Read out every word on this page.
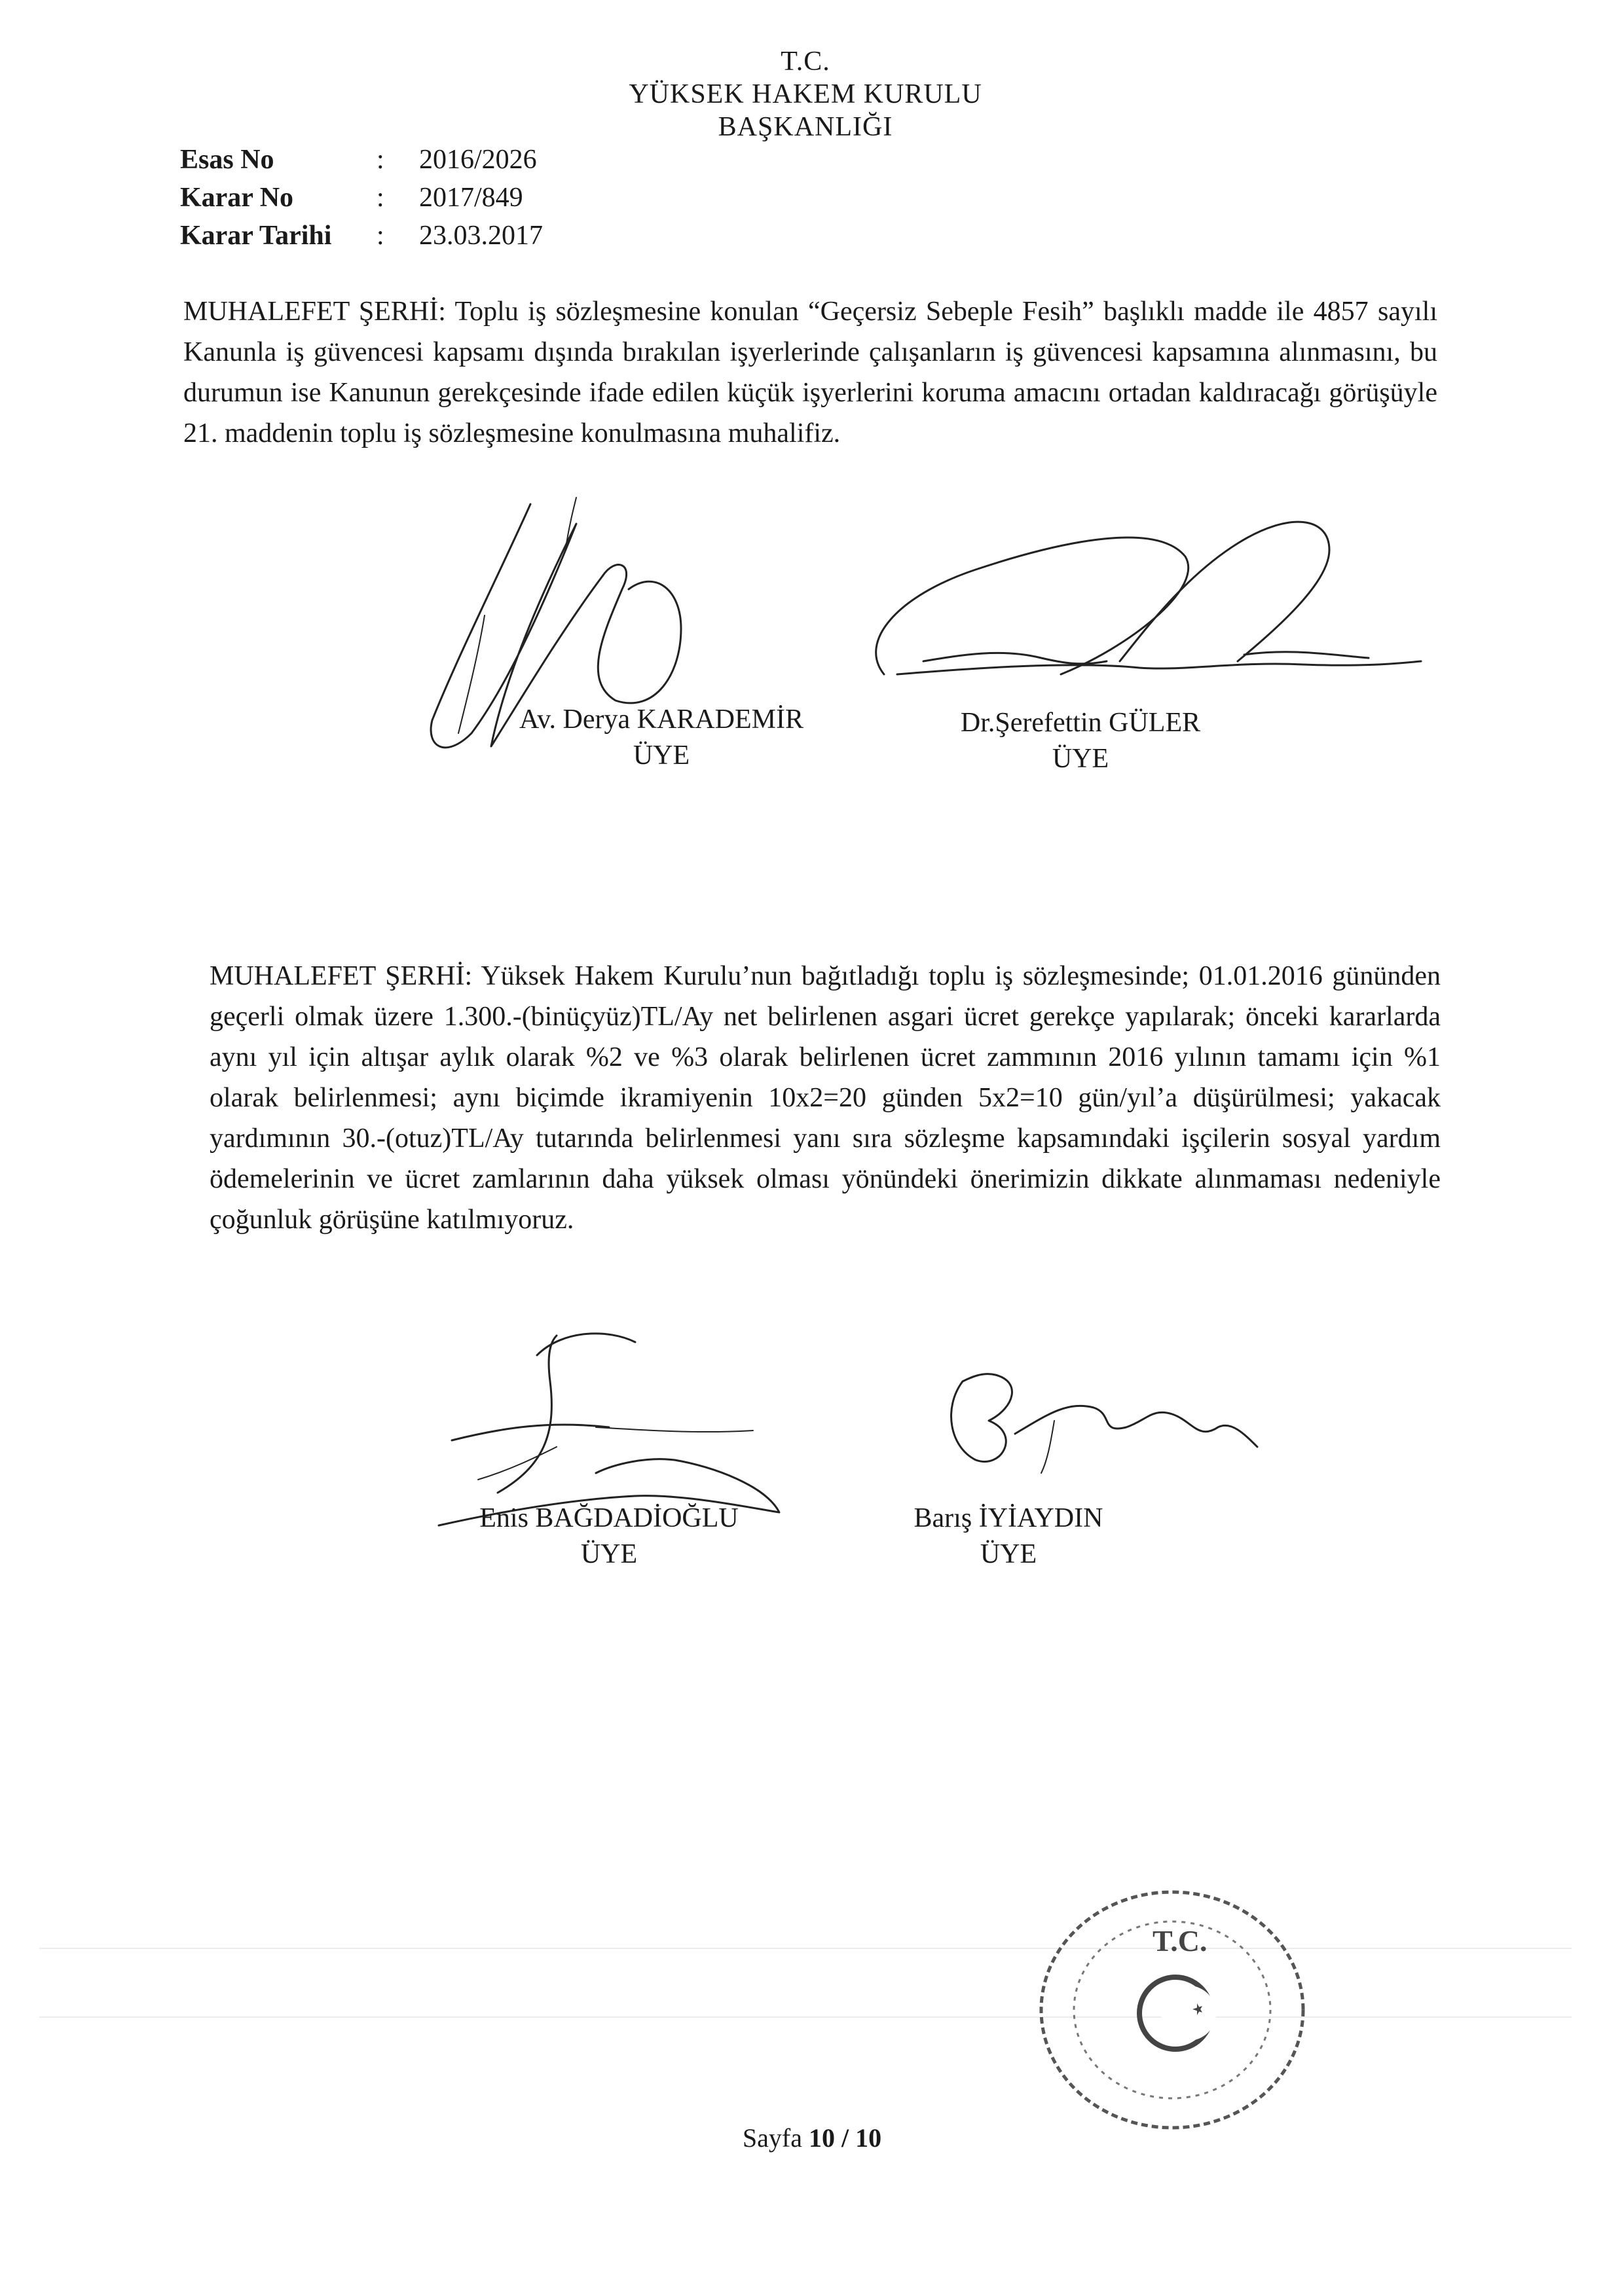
T.C.
YÜKSEK HAKEM KURULU
BAŞKANLIĞI
Esas No	: 2016/2026
Karar No	: 2017/849
Karar Tarihi : 23.03.2017
MUHALEFET ŞERHİ: Toplu iş sözleşmesine konulan “Geçersiz Sebeple Fesih” başlıklı madde ile 4857 sayılı Kanunla iş güvencesi kapsamı dışında bırakılan işyerlerinde çalışanların iş güvencesi kapsamına alınmasını, bu durumun ise Kanunun gerekçesinde ifade edilen küçük işyerlerini koruma amacını ortadan kaldıracağı görüşüyle 21. maddenin toplu iş sözleşmesine konulmasına muhalifiz.
Av. Derya KARADEMİR
ÜYE
Dr.Şerefettin GÜLER
ÜYE
MUHALEFET ŞERHİ: Yüksek Hakem Kurulu’nun bağıtladığı toplu iş sözleşmesinde; 01.01.2016 gününden geçerli olmak üzere 1.300.-(binüçyüz)TL/Ay net belirlenen asgari ücret gerekçe yapılarak; önceki kararlarda aynı yıl için altışar aylık olarak %2 ve %3 olarak belirlenen ücret zammının 2016 yılının tamamı için %1 olarak belirlenmesi; aynı biçimde ikramiyenin 10x2=20 günden 5x2=10 gün/yıl’a düşürülmesi; yakacak yardımının 30.-(otuz)TL/Ay tutarında belirlenmesi yanı sıra sözleşme kapsamındaki işçilerin sosyal yardım ödemelerinin ve ücret zamlarının daha yüksek olması yönündeki önerimizin dikkate alınmaması nedeniyle çoğunluk görüşüne katılmıyoruz.
Enis BAĞDADİOĞLU
ÜYE
Barış İYİAYDIN
ÜYE
T.C.
Sayfa 10 / 10
